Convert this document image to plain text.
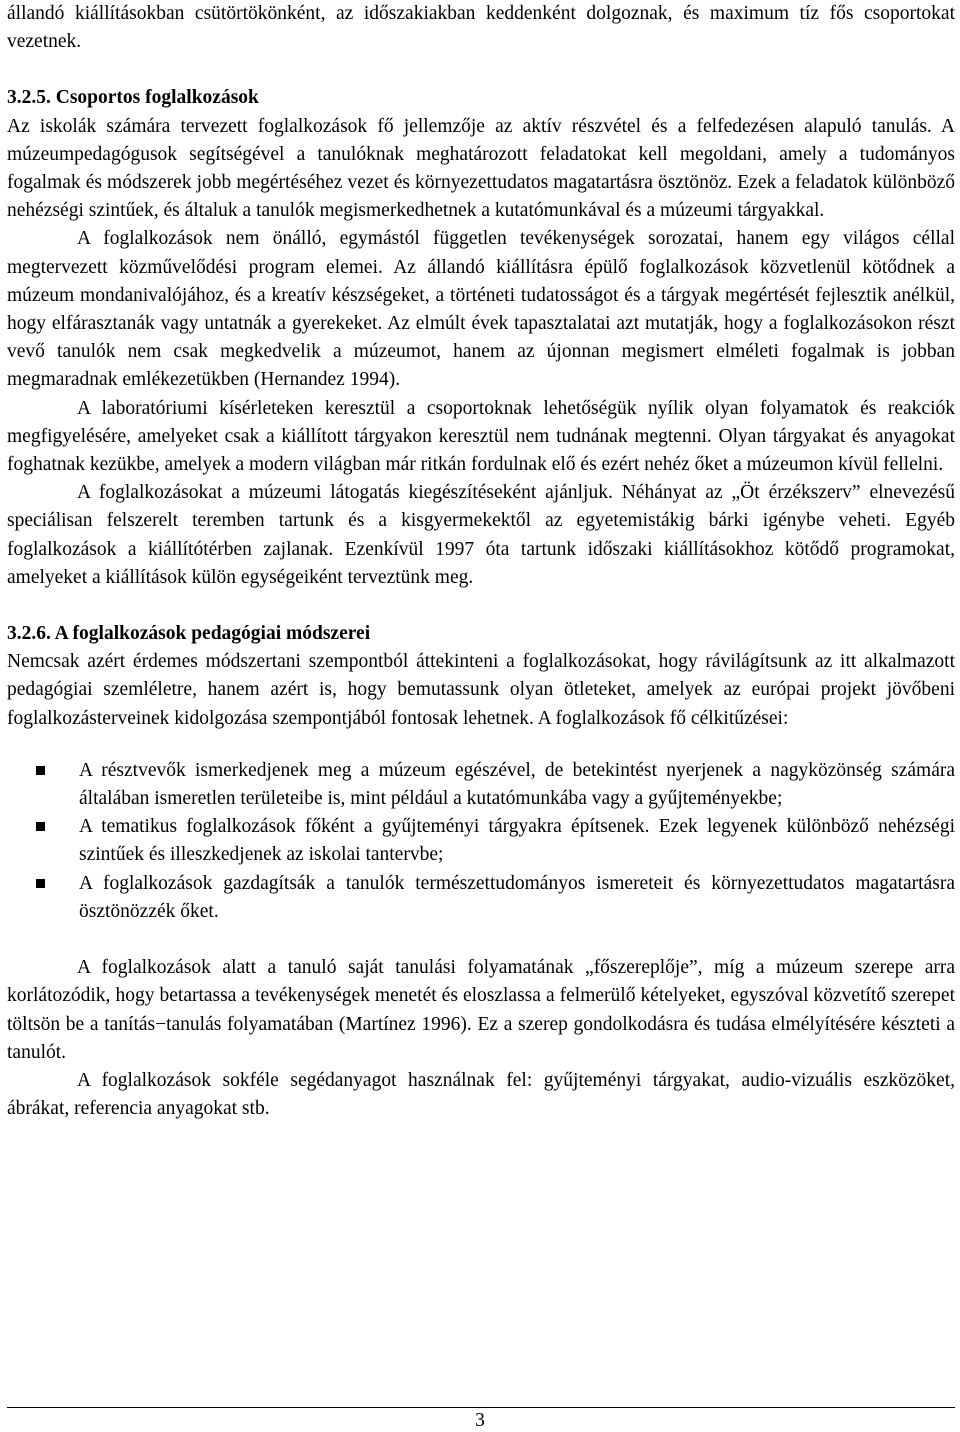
állandó kiállításokban csütörtökönként, az időszakiakban keddenként dolgoznak, és maximum tíz fős csoportokat vezetnek.

3.2.5. Csoportos foglalkozások

Az iskolák számára tervezett foglalkozások fő jellemzője az aktív részvétel és a felfedezésen alapuló tanulás. A múzeumpedagógusok segítségével a tanulóknak meghatározott feladatokat kell megoldani, amely a tudományos fogalmak és módszerek jobb megértéséhez vezet és környezettudatos magatartásra ösztönöz. Ezek a feladatok különböző nehézségi szintűek, és általuk a tanulók megismerkedhetnek a kutatómunkával és a múzeumi tárgyakkal.

A foglalkozások nem önálló, egymástól független tevékenységek sorozatai, hanem egy világos céllal megtervezett közművelődési program elemei. Az állandó kiállításra épülő foglalkozások közvetlenül kötődnek a múzeum mondanivalójához, és a kreatív készségeket, a történeti tudatosságot és a tárgyak megértését fejlesztik anélkül, hogy elfárasztanák vagy untatnák a gyerekeket. Az elmúlt évek tapasztalatai azt mutatják, hogy a foglalkozásokon részt vevő tanulók nem csak megkedvelik a múzeumot, hanem az újonnan megismert elméleti fogalmak is jobban megmaradnak emlékezetükben (Hernandez 1994).

A laboratóriumi kísérleteken keresztül a csoportoknak lehetőségük nyílik olyan folyamatok és reakciók megfigyelésére, amelyeket csak a kiállított tárgyakon keresztül nem tudnának megtenni. Olyan tárgyakat és anyagokat foghatnak kezükbe, amelyek a modern világban már ritkán fordulnak elő és ezért nehéz őket a múzeumon kívül fellelni.

A foglalkozásokat a múzeumi látogatás kiegészítéseként ajánljuk. Néhányat az „Öt érzékszerv” elnevezésű speciálisan felszerelt teremben tartunk és a kisgyermekektől az egyetemistákig bárki igénybe veheti. Egyéb foglalkozások a kiállítótérben zajlanak. Ezenkívül 1997 óta tartunk időszaki kiállításokhoz kötődő programokat, amelyeket a kiállítások külön egységeiként terveztünk meg.

3.2.6. A foglalkozások pedagógiai módszerei

Nemcsak azért érdemes módszertani szempontból áttekinteni a foglalkozásokat, hogy rávilágítsunk az itt alkalmazott pedagógiai szemléletre, hanem azért is, hogy bemutassunk olyan ötleteket, amelyek az európai projekt jövőbeni foglalkozásterveinek kidolgozása szempontjából fontosak lehetnek. A foglalkozások fő célkitűzései:

A résztvevők ismerkedjenek meg a múzeum egészével, de betekintést nyerjenek a nagyközönség számára általában ismeretlen területeibe is, mint például a kutatómunkába vagy a gyűjteményekbe;
A tematikus foglalkozások főként a gyűjteményi tárgyakra építsenek. Ezek legyenek különböző nehézségi szintűek és illeszkedjenek az iskolai tantervbe;
A foglalkozások gazdagítsák a tanulók természettudományos ismereteit és környezettudatos magatartásra ösztönözzék őket.

A foglalkozások alatt a tanuló saját tanulási folyamatának „főszereplője”, míg a múzeum szerepe arra korlátozódik, hogy betartassa a tevékenységek menetét és eloszlassa a felmerülő kételyeket, egyszóval közvetítő szerepet töltsön be a tanítás−tanulás folyamatában (Martínez 1996). Ez a szerep gondolkodásra és tudása elmélyítésére készteti a tanulót.

A foglalkozások sokféle segédanyagot használnak fel: gyűjteményi tárgyakat, audio-vizuális eszközöket, ábrákat, referencia anyagokat stb.

3
